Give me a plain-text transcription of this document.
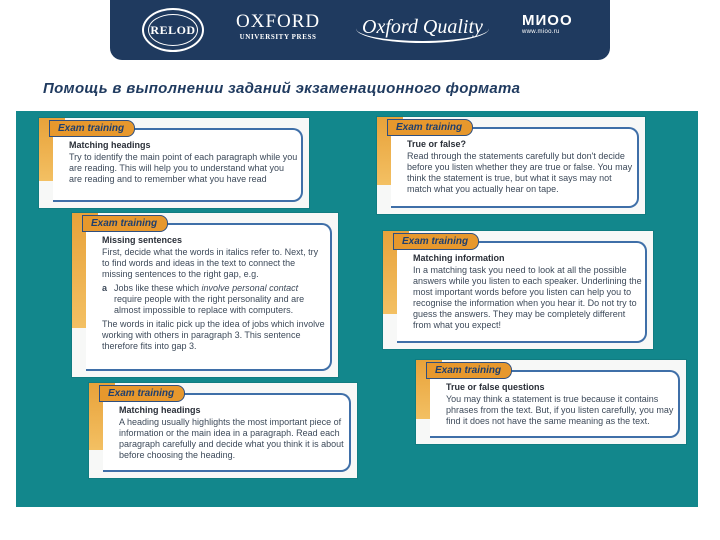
RELOD OXFORD
UNIVERSITY PRESS	Oxford Quality	МИОО
www.mioo.ru
Помощь в выполнении заданий экзаменационного формата
Exam training
Matching headings

Try to identify the main point of each paragraph while you are reading. This will help you to understand what you are reading and to remember what you have read

Exam training
True or false?

Read through the statements carefully but don't decide before you listen whether they are true or false. You may think the statement is true, but what it says may not match what you actually hear on tape.

Exam training
Missing sentences

First, decide what the words in italics refer to. Next, try to find words and ideas in the text to connect the missing sentences to the right gap, e.g.

a Jobs like these which involve personal contact require people with the right personality and are almost impossible to replace with computers.

The words in italic pick up the idea of jobs which involve working with others in paragraph 3. This sentence therefore fits into gap 3.

Exam training
Matching information

In a matching task you need to look at all the possible answers while you listen to each speaker. Underlining the most important words before you listen can help you to recognise the information when you hear it. Do not try to guess the answers. They may be completely different from what you expect!

Exam training
Matching headings

A heading usually highlights the most important piece of information or the main idea in a paragraph. Read each paragraph carefully and decide what you think it is about before choosing the heading.

Exam training
True or false questions

You may think a statement is true because it contains phrases from the text. But, if you listen carefully, you may find it does not have the same meaning as the text.
